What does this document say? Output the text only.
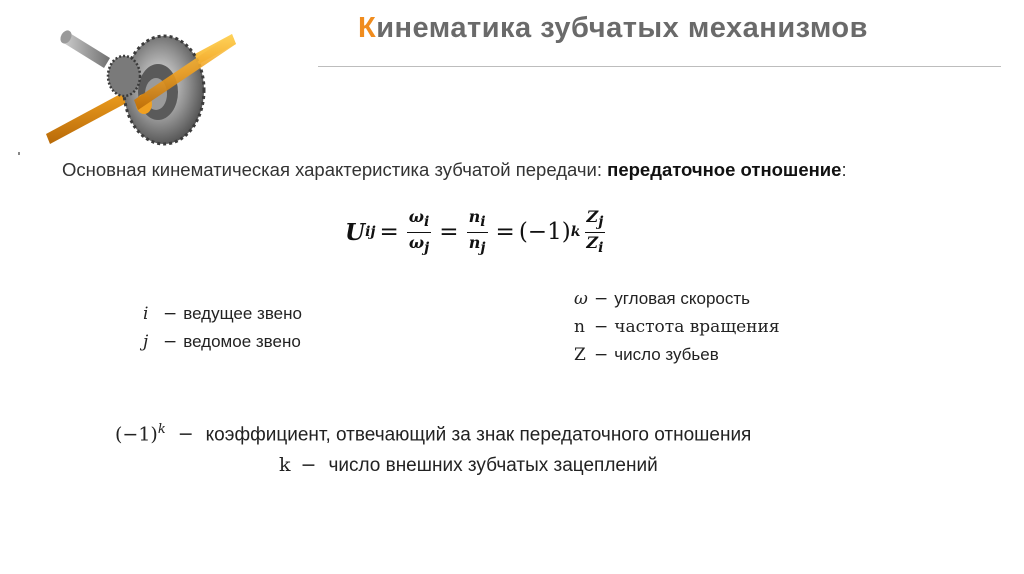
Кинематика зубчатых механизмов
Основная кинематическая характеристика зубчатой передачи: передаточное отношение:
U ij = $\frac{\omega_i}{\omega_j} = \frac{n_i}{n_j} = (-1)$ k $\frac{Z_j}{Z_i}$
i − ведущее звено
j − ведомое звено
ω − угловая скорость
n − частота вращения
Z − число зубьев
$(-1)^k$ − коэффициент, отвечающий за знак передаточного отношения
k − число внешних зубчатых зацеплений
